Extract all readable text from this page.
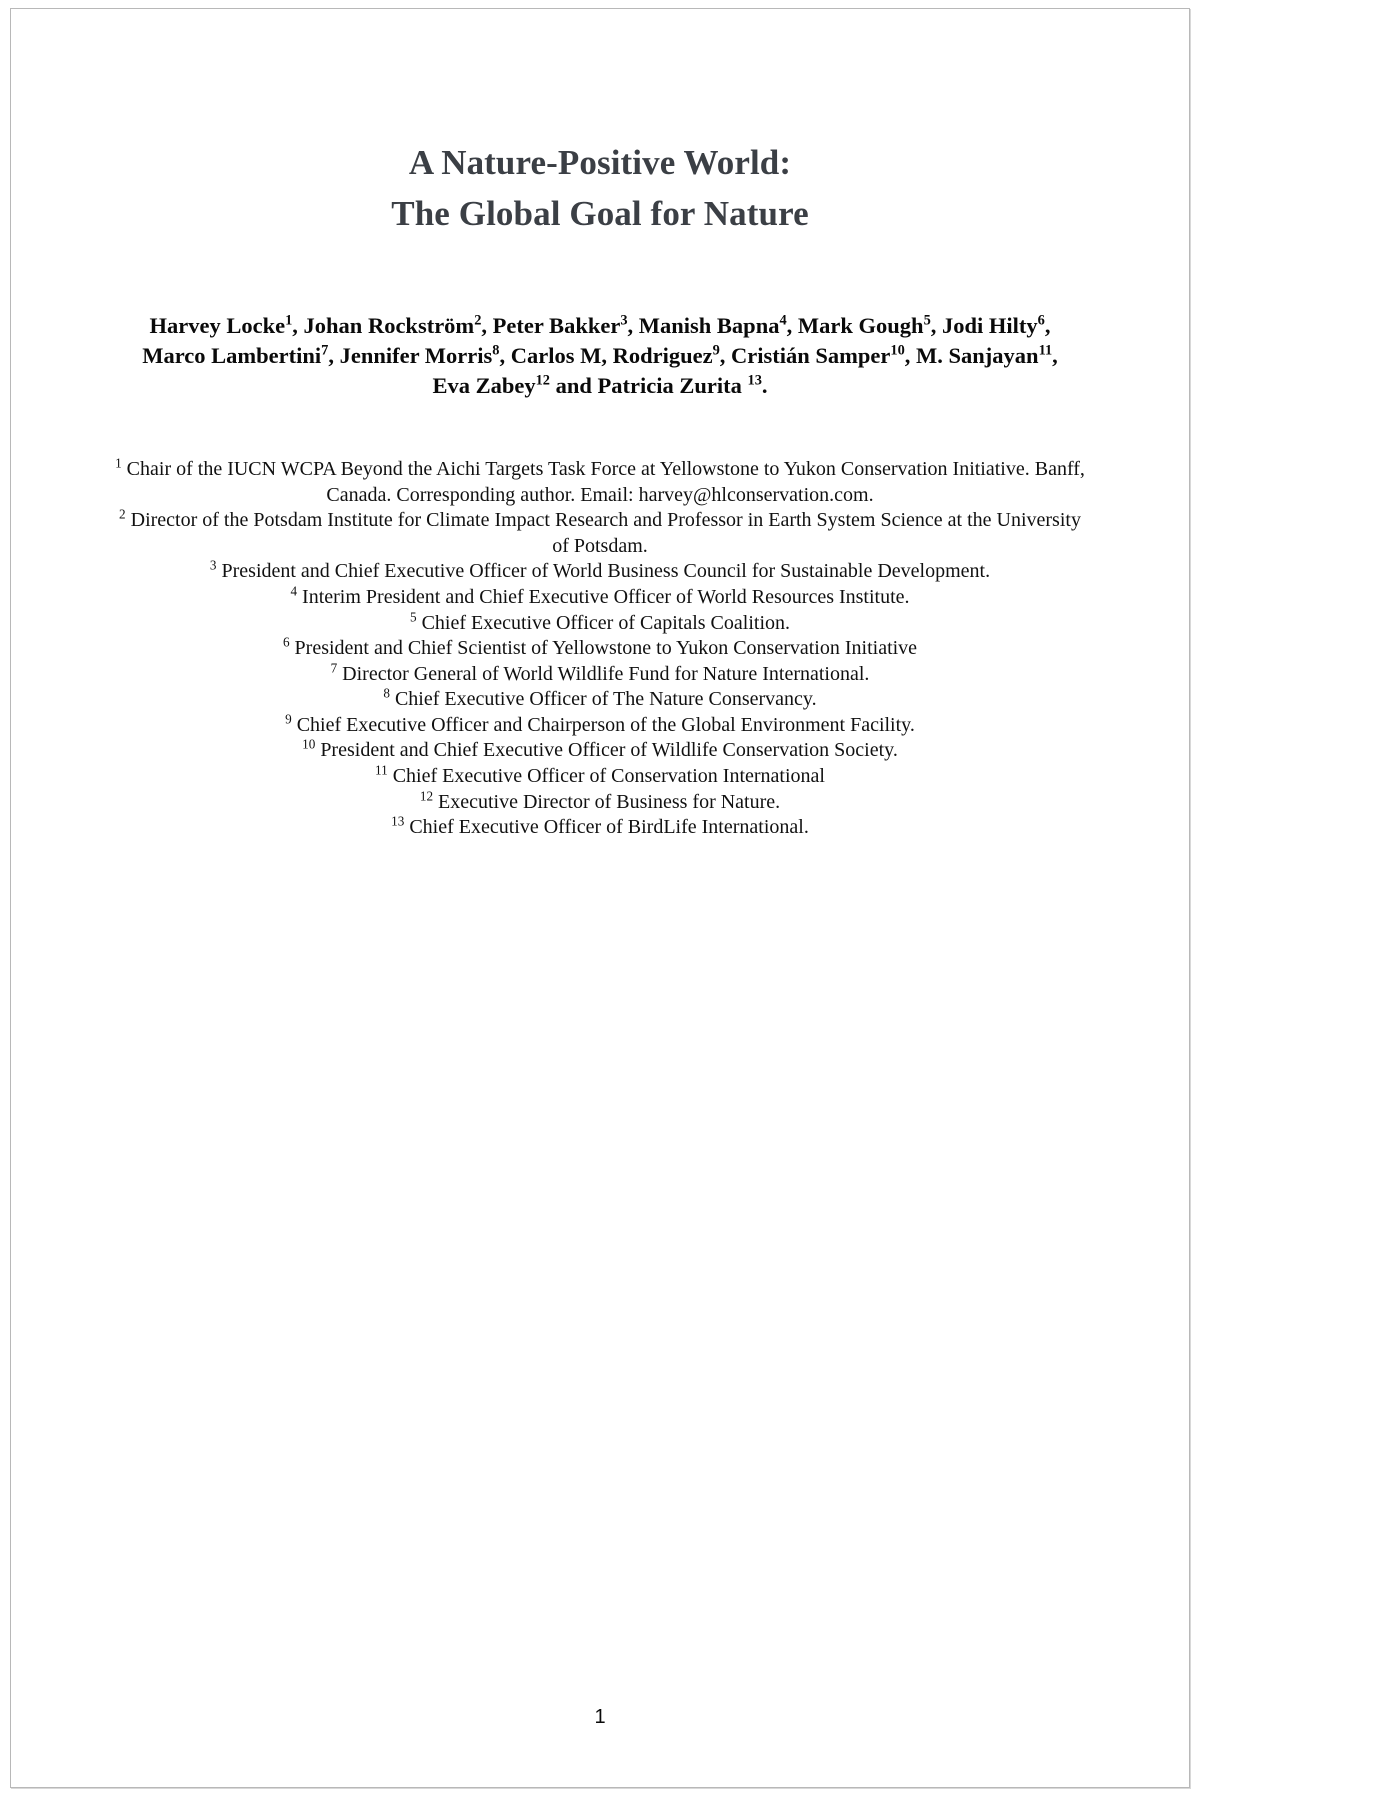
A Nature-Positive World:
The Global Goal for Nature
Harvey Locke$^1$, Johan Rockström$^2$, Peter Bakker$^3$, Manish Bapna$^4$, Mark Gough$^5$, Jodi Hilty$^6$, Marco Lambertini$^7$, Jennifer Morris$^8$, Carlos M, Rodriguez$^9$, Cristián Samper$^{10}$, M. Sanjayan$^{11}$, Eva Zabey$^{12}$ and Patricia Zurita $^{13}$.

$^1$ Chair of the IUCN WCPA Beyond the Aichi Targets Task Force at Yellowstone to Yukon Conservation Initiative. Banff, Canada. Corresponding author. Email: harvey@hlconservation.com.

$^2$ Director of the Potsdam Institute for Climate Impact Research and Professor in Earth System Science at the University of Potsdam.

$^3$ President and Chief Executive Officer of World Business Council for Sustainable Development.

$^4$ Interim President and Chief Executive Officer of World Resources Institute.

$^5$ Chief Executive Officer of Capitals Coalition.

$^6$ President and Chief Scientist of Yellowstone to Yukon Conservation Initiative

$^7$ Director General of World Wildlife Fund for Nature International.

$^8$ Chief Executive Officer of The Nature Conservancy.

$^9$ Chief Executive Officer and Chairperson of the Global Environment Facility.

$^{10}$ President and Chief Executive Officer of Wildlife Conservation Society.

$^{11}$ Chief Executive Officer of Conservation International

$^{12}$ Executive Director of Business for Nature.

$^{13}$ Chief Executive Officer of BirdLife International.

1
